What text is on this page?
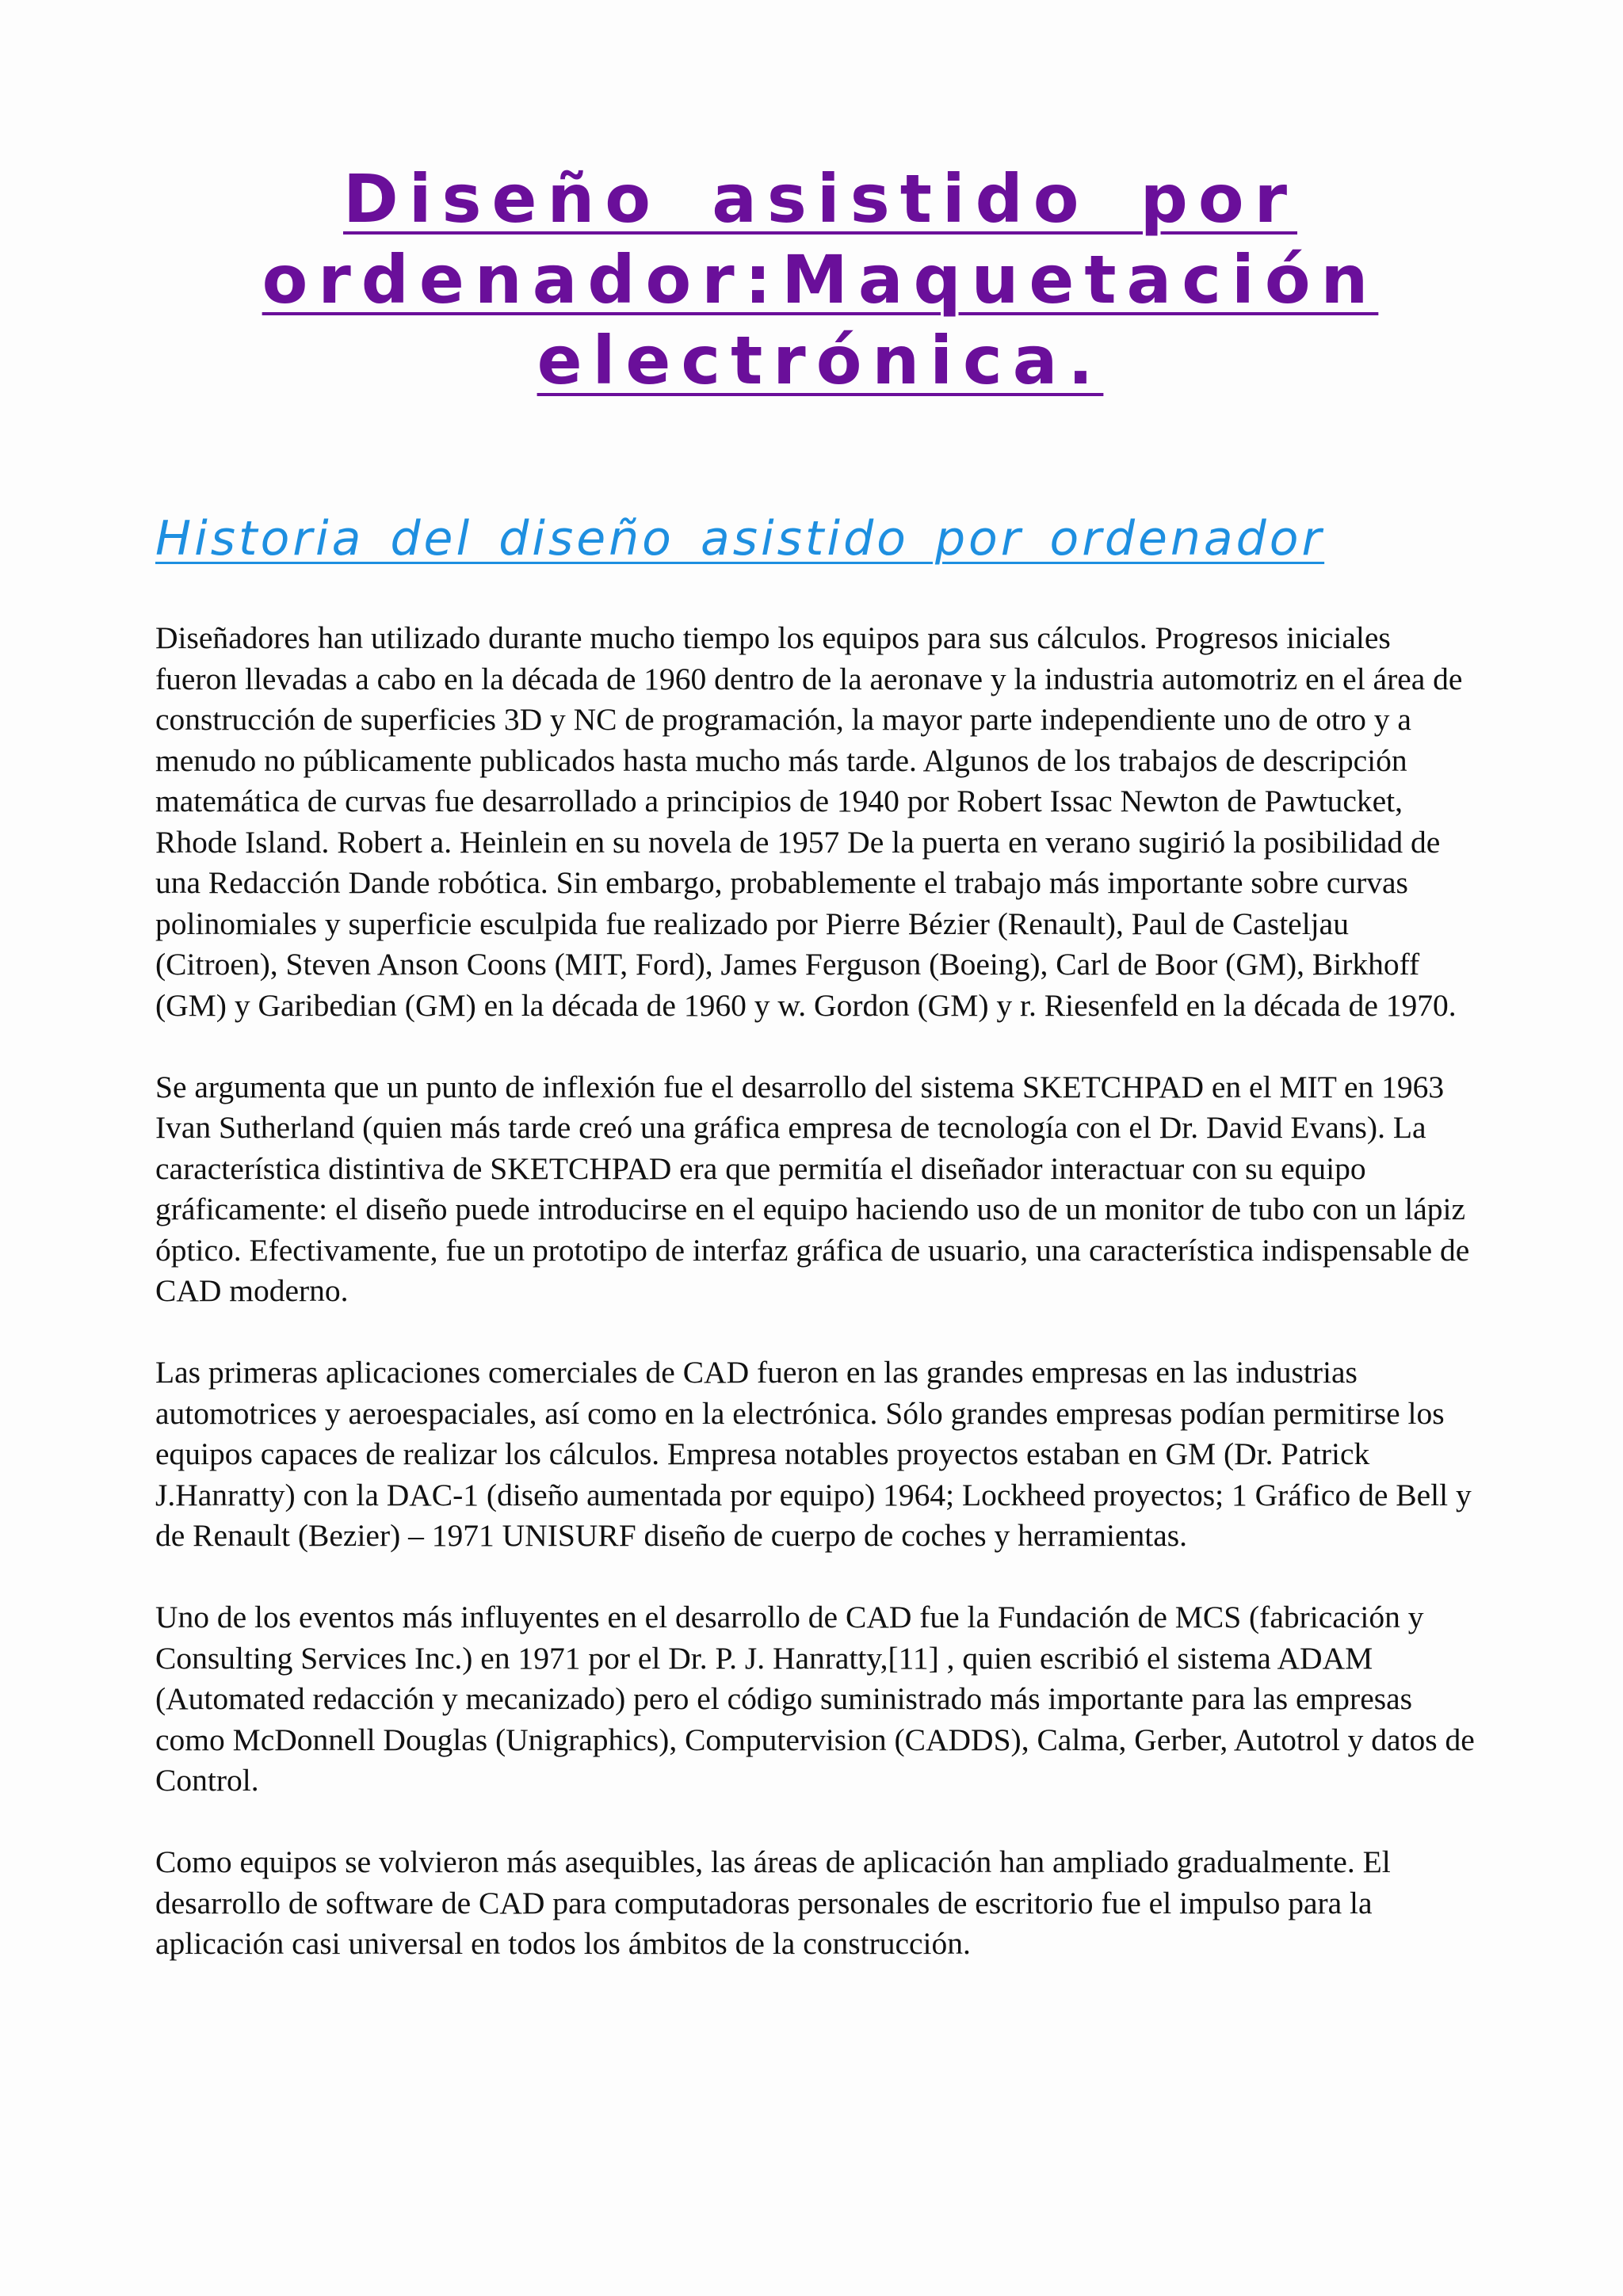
Diseño asistido por ordenador:Maquetación electrónica.
Historia del diseño asistido por ordenador

Diseñadores han utilizado durante mucho tiempo los equipos para sus cálculos. Progresos iniciales fueron llevadas a cabo en la década de 1960 dentro de la aeronave y la industria automotriz en el área de construcción de superficies 3D y NC de programación, la mayor parte independiente uno de otro y a menudo no públicamente publicados hasta mucho más tarde. Algunos de los trabajos de descripción matemática de curvas fue desarrollado a principios de 1940 por Robert Issac Newton de Pawtucket, Rhode Island. Robert a. Heinlein en su novela de 1957 De la puerta en verano sugirió la posibilidad de una Redacción Dande robótica. Sin embargo, probablemente el trabajo más importante sobre curvas polinomiales y superficie esculpida fue realizado por Pierre Bézier (Renault), Paul de Casteljau (Citroen), Steven Anson Coons (MIT, Ford), James Ferguson (Boeing), Carl de Boor (GM), Birkhoff (GM) y Garibedian (GM) en la década de 1960 y w. Gordon (GM) y r. Riesenfeld en la década de 1970.

Se argumenta que un punto de inflexión fue el desarrollo del sistema SKETCHPAD en el MIT en 1963 Ivan Sutherland (quien más tarde creó una gráfica empresa de tecnología con el Dr. David Evans). La característica distintiva de SKETCHPAD era que permitía el diseñador interactuar con su equipo gráficamente: el diseño puede introducirse en el equipo haciendo uso de un monitor de tubo con un lápiz óptico. Efectivamente, fue un prototipo de interfaz gráfica de usuario, una característica indispensable de CAD moderno.

Las primeras aplicaciones comerciales de CAD fueron en las grandes empresas en las industrias automotrices y aeroespaciales, así como en la electrónica. Sólo grandes empresas podían permitirse los equipos capaces de realizar los cálculos. Empresa notables proyectos estaban en GM (Dr. Patrick J.Hanratty) con la DAC-1 (diseño aumentada por equipo) 1964; Lockheed proyectos; 1 Gráfico de Bell y de Renault (Bezier) – 1971 UNISURF diseño de cuerpo de coches y herramientas.

Uno de los eventos más influyentes en el desarrollo de CAD fue la Fundación de MCS (fabricación y Consulting Services Inc.) en 1971 por el Dr. P. J. Hanratty,[11] , quien escribió el sistema ADAM (Automated redacción y mecanizado) pero el código suministrado más importante para las empresas como McDonnell Douglas (Unigraphics), Computervision (CADDS), Calma, Gerber, Autotrol y datos de Control.

Como equipos se volvieron más asequibles, las áreas de aplicación han ampliado gradualmente. El desarrollo de software de CAD para computadoras personales de escritorio fue el impulso para la aplicación casi universal en todos los ámbitos de la construcción.
